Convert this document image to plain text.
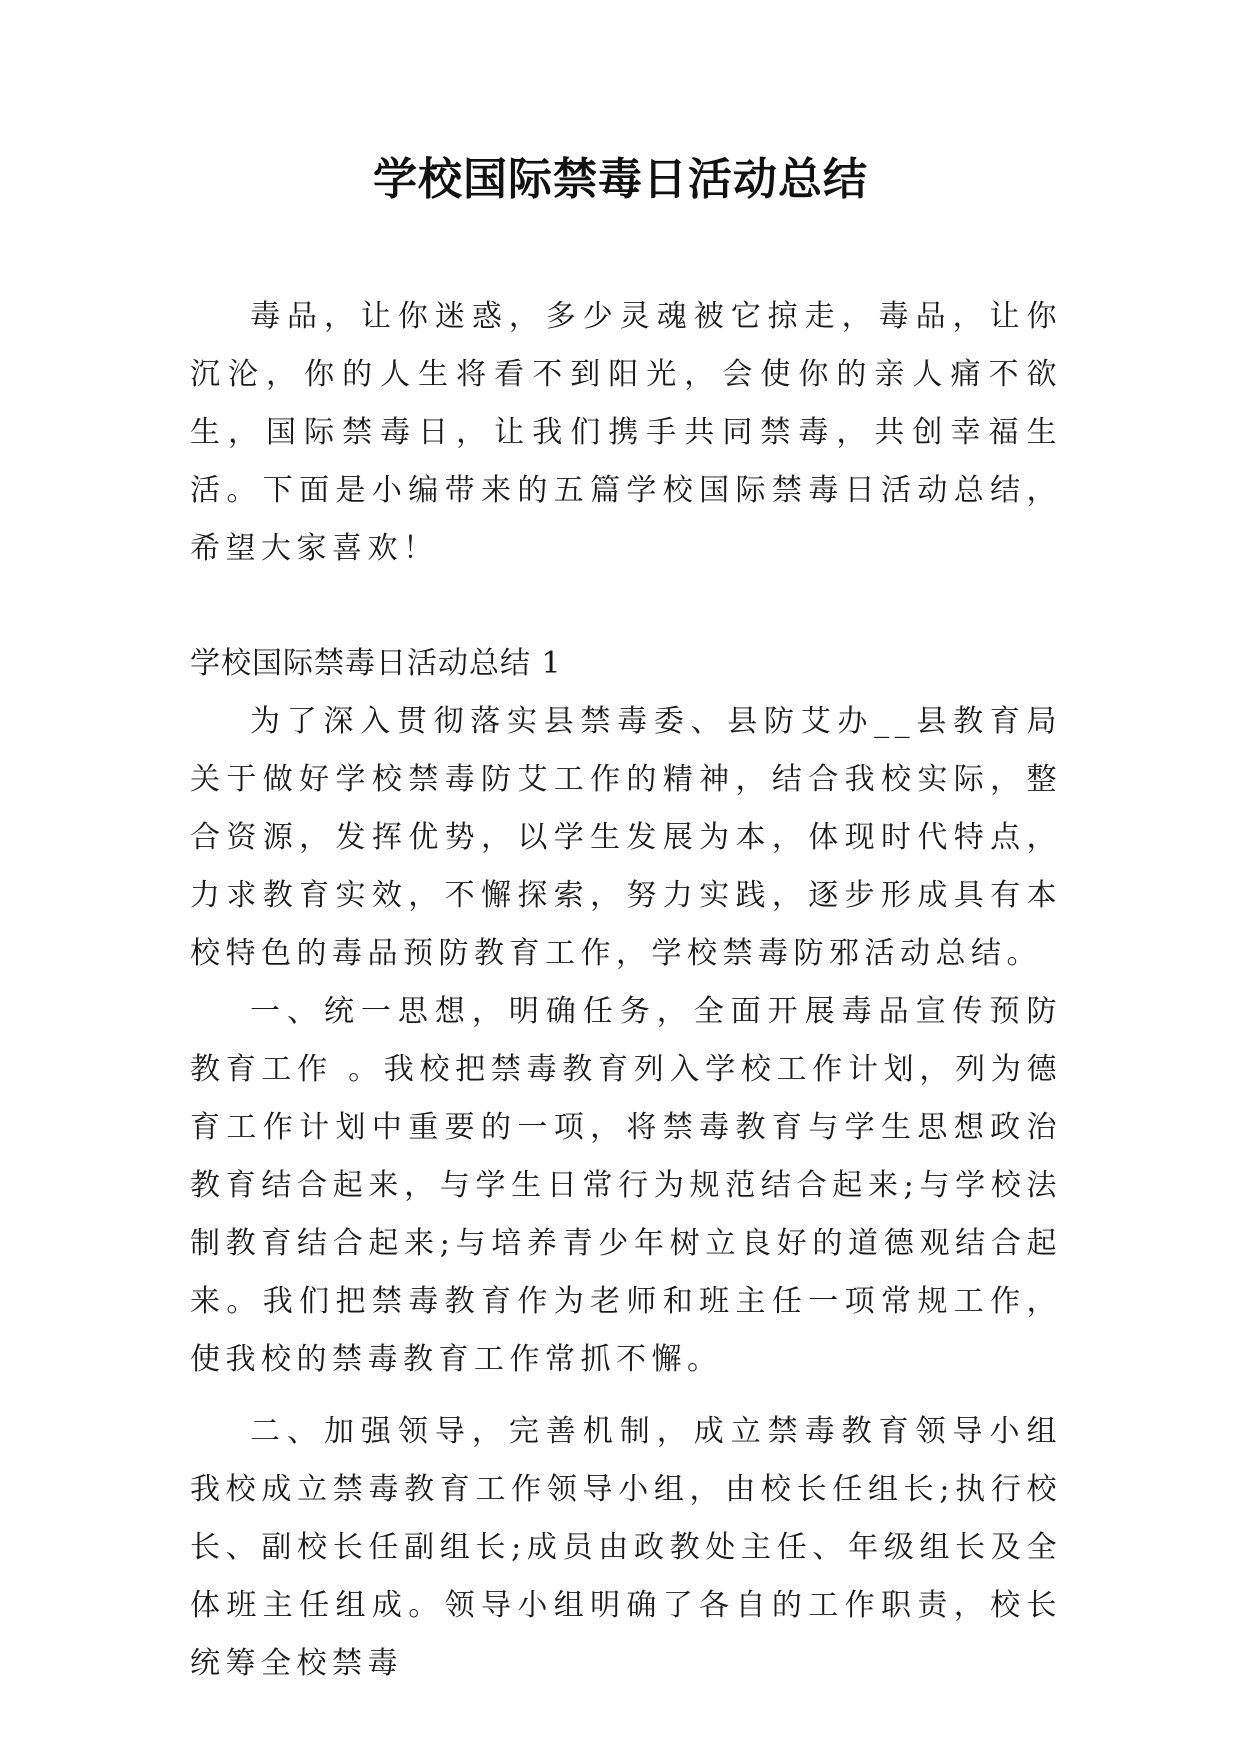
学校国际禁毒日活动总结

毒品，让你迷惑，多少灵魂被它掠走，毒品，让你沉沦，你的人生将看不到阳光，会使你的亲人痛不欲生，国际禁毒日，让我们携手共同禁毒，共创幸福生活。下面是小编带来的五篇学校国际禁毒日活动总结，希望大家喜欢！

学校国际禁毒日活动总结 1

为了深入贯彻落实县禁毒委、县防艾办__县教育局关于做好学校禁毒防艾工作的精神，结合我校实际，整合资源，发挥优势，以学生发展为本，体现时代特点，力求教育实效，不懈探索，努力实践，逐步形成具有本校特色的毒品预防教育工作，学校禁毒防邪活动总结。

一、统一思想，明确任务，全面开展毒品宣传预防教育工作 。我校把禁毒教育列入学校工作计划，列为德育工作计划中重要的一项，将禁毒教育与学生思想政治教育结合起来，与学生日常行为规范结合起来;与学校法制教育结合起来;与培养青少年树立良好的道德观结合起来。我们把禁毒教育作为老师和班主任一项常规工作，使我校的禁毒教育工作常抓不懈。

二、加强领导，完善机制，成立禁毒教育领导小组我校成立禁毒教育工作领导小组，由校长任组长;执行校长、副校长任副组长;成员由政教处主任、年级组长及全体班主任组成。领导小组明确了各自的工作职责，校长统筹全校禁毒
